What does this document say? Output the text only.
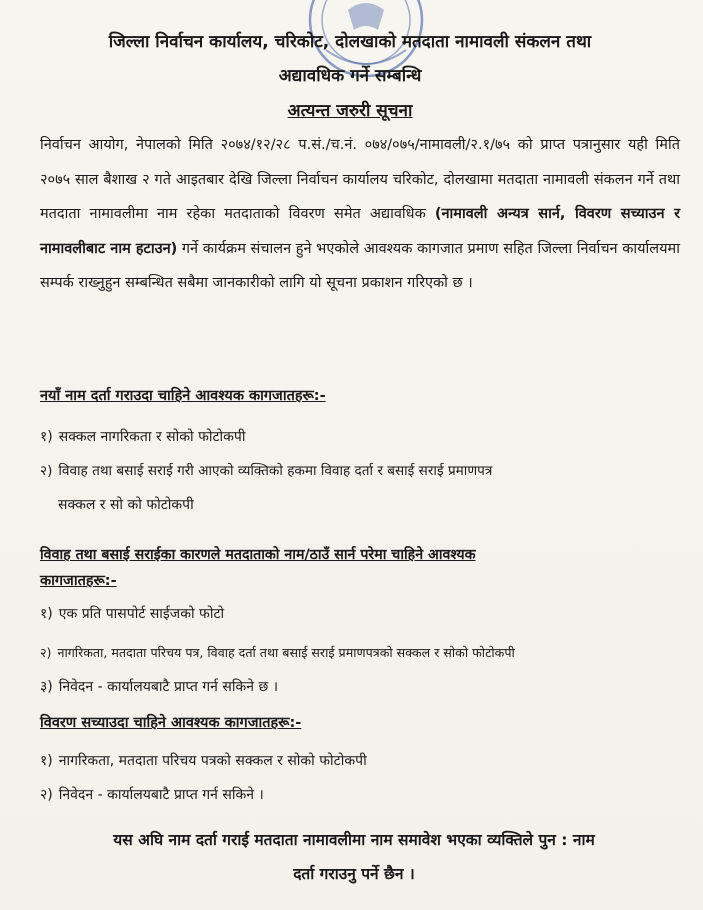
जिल्ला निर्वाचन कार्यालय, चरिकोट, दोलखाको मतदाता नामावली संकलन तथा
अद्यावधिक गर्ने सम्बन्धि
अत्यन्त जरुरी सूचना
निर्वाचन आयोग, नेपालको मिति २०७४/१२/२८ प.सं./च.नं. ०७४/०७५/नामावली/२.१/७५ को प्राप्त पत्रानुसार यही मिति २०७५ साल बैशाख २ गते आइतबार देखि जिल्ला निर्वाचन कार्यालय चरिकोट, दोलखामा मतदाता नामावली संकलन गर्ने तथा मतदाता नामावलीमा नाम रहेका मतदाताको विवरण समेत अद्यावधिक (नामावली अन्यत्र सार्न, विवरण सच्याउन र नामावलीबाट नाम हटाउन) गर्ने कार्यक्रम संचालन हुने भएकोले आवश्यक कागजात प्रमाण सहित जिल्ला निर्वाचन कार्यालयमा सम्पर्क राख्नुहुन सम्बन्धित सबैमा जानकारीको लागि यो सूचना प्रकाशन गरिएको छ ।
नयाँ नाम दर्ता गराउदा चाहिने आवश्यक कागजातहरू:-
१) सक्कल नागरिकता र सोको फोटोकपी
२) विवाह तथा बसाई सराई गरी आएको व्यक्तिको हकमा विवाह दर्ता र बसाई सराई प्रमाणपत्र
सक्कल र सो को फोटोकपी
विवाह तथा बसाई सराईका कारणले मतदाताको नाम/ठाउँ सार्न परेमा चाहिने आवश्यक
कागजातहरू:-
१) एक प्रति पासपोर्ट साईजको फोटो
२) नागरिकता, मतदाता परिचय पत्र, विवाह दर्ता तथा बसाई सराई प्रमाणपत्रको सक्कल र सोको फोटोकपी
३) निवेदन - कार्यालयबाटै प्राप्त गर्न सकिने छ ।
विवरण सच्याउदा चाहिने आवश्यक कागजातहरू:-
१) नागरिकता, मतदाता परिचय पत्रको सक्कल र सोको फोटोकपी
२) निवेदन - कार्यालयबाटै प्राप्त गर्न सकिने ।
यस अघि नाम दर्ता गराई मतदाता नामावलीमा नाम समावेश भएका व्यक्तिले पुन : नाम
दर्ता गराउनु पर्ने छैन ।
